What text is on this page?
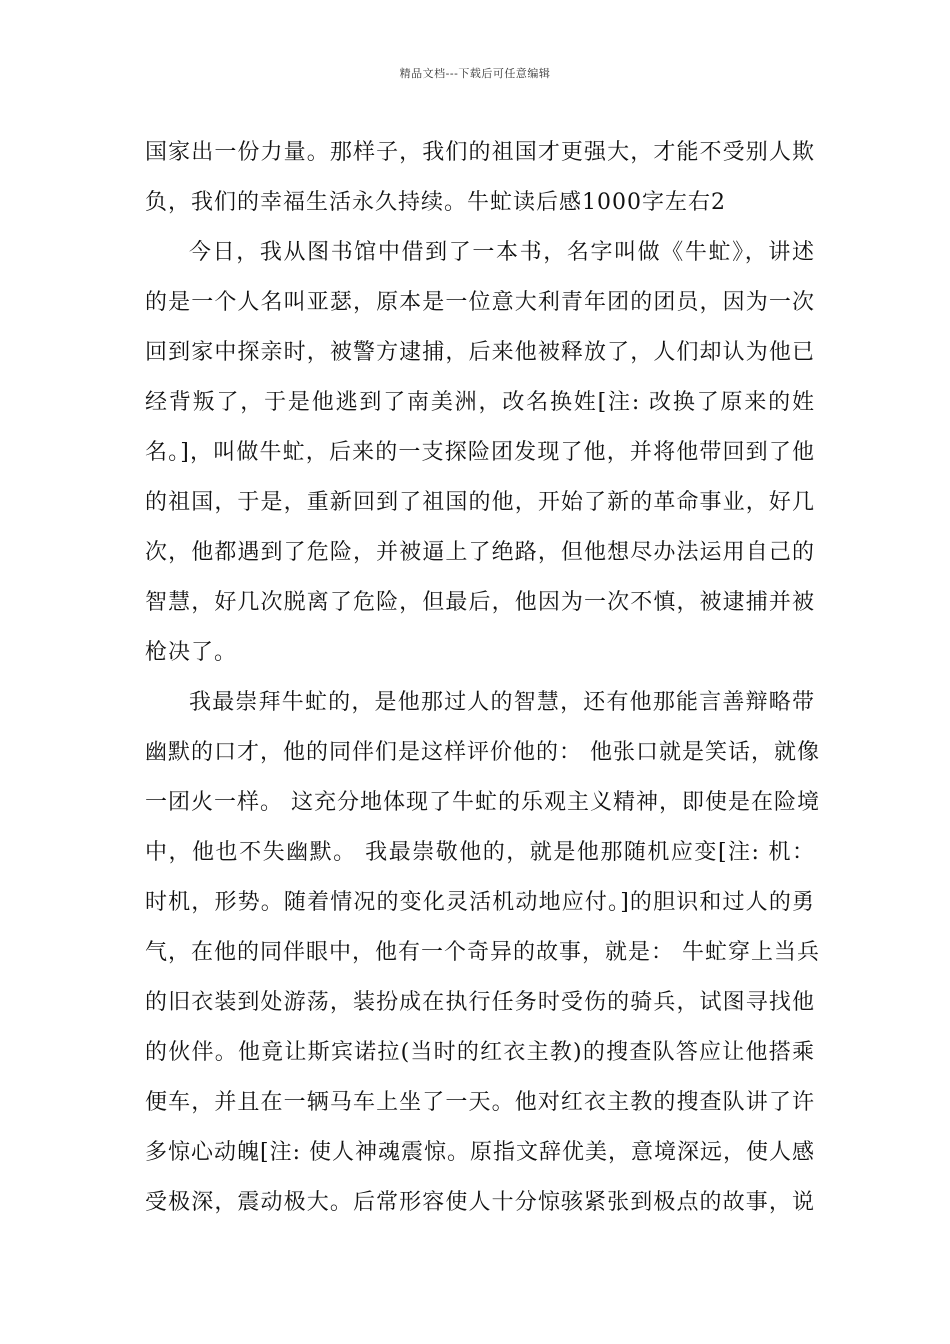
精品文档---下载后可任意编辑
国家出一份力量。那样子，我们的祖国才更强大，才能不受别人欺
负，我们的幸福生活永久持续。牛虻读后感1000字左右2
今日，我从图书馆中借到了一本书，名字叫做《牛虻》，讲述
的是一个人名叫亚瑟，原本是一位意大利青年团的团员，因为一次
回到家中探亲时，被警方逮捕，后来他被释放了，人们却认为他已
经背叛了，于是他逃到了南美洲，改名换姓[注: 改换了原来的姓
名。]，叫做牛虻，后来的一支探险团发现了他，并将他带回到了他
的祖国，于是，重新回到了祖国的他，开始了新的革命事业，好几
次，他都遇到了危险，并被逼上了绝路，但他想尽办法运用自己的
智慧，好几次脱离了危险，但最后，他因为一次不慎，被逮捕并被
枪决了。
我最崇拜牛虻的，是他那过人的智慧，还有他那能言善辩略带
幽默的口才，他的同伴们是这样评价他的： 他张口就是笑话，就像
一团火一样。 这充分地体现了牛虻的乐观主义精神，即使是在险境
中，他也不失幽默。 我最崇敬他的，就是他那随机应变[注: 机：
时机，形势。随着情况的变化灵活机动地应付。]的胆识和过人的勇
气，在他的同伴眼中，他有一个奇异的故事，就是： 牛虻穿上当兵
的旧衣装到处游荡，装扮成在执行任务时受伤的骑兵，试图寻找他
的伙伴。他竟让斯宾诺拉(当时的红衣主教)的搜查队答应让他搭乘
便车，并且在一辆马车上坐了一天。他对红衣主教的搜查队讲了许
多惊心动魄[注: 使人神魂震惊。原指文辞优美，意境深远，使人感
受极深，震动极大。后常形容使人十分惊骇紧张到极点的故事，说
